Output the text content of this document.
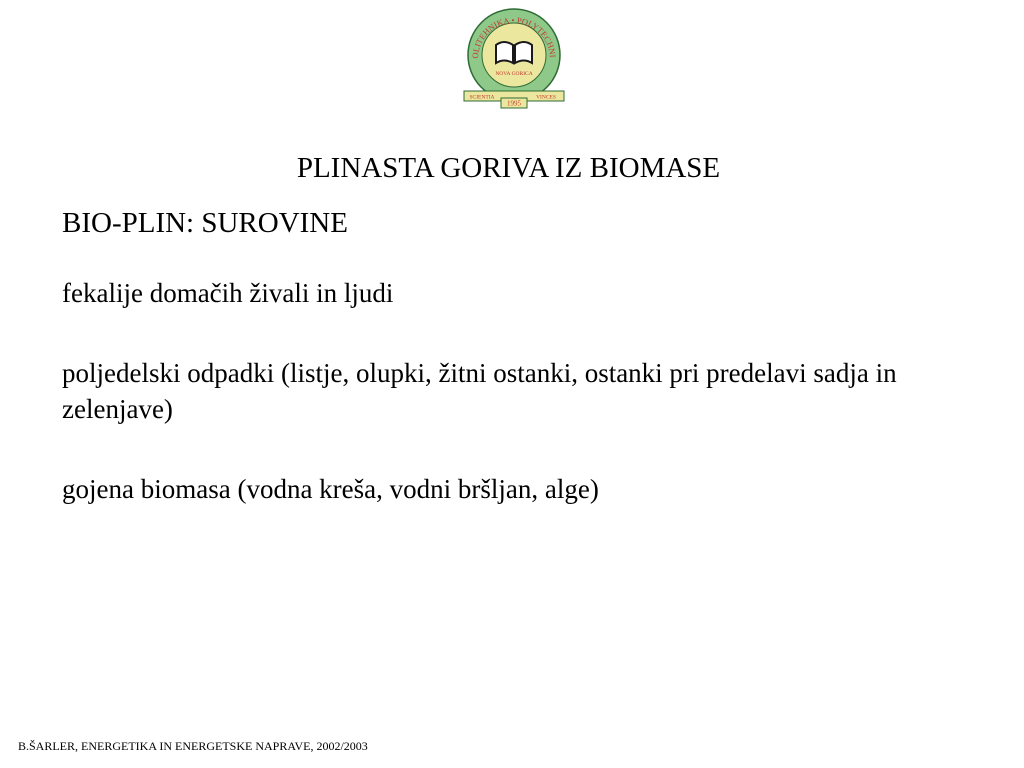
OLITEHNIKA • POLYTECHNI
NOVA GORICA
SCIENTIA	VINCES
1995
PLINASTA GORIVA IZ BIOMASE
BIO-PLIN: SUROVINE
fekalije domačih živali in ljudi
poljedelski odpadki (listje, olupki, žitni ostanki, ostanki pri predelavi sadja in zelenjave)
gojena biomasa (vodna kreša, vodni bršljan, alge)
B.ŠARLER, ENERGETIKA IN ENERGETSKE NAPRAVE, 2002/2003
